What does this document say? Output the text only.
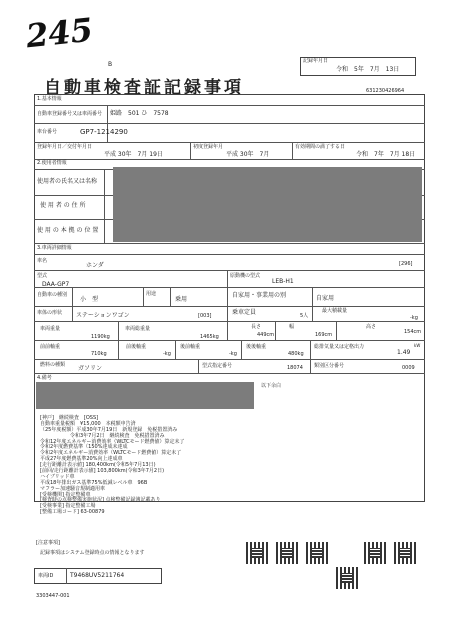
245
記録年月日
令和　5年　7月　13日
B
自動車検査証記録事項	631230426964
1.基本情報
自動車登録番号又は車両番号 姫路　501 ひ　7578
車台番号	GP7-1214290
登録年月日／交付年月日
平成 30年　7月 19日
初度登録年月
平成 30年　7月
有効期間の満了する日
令和　7年　7月 18日
2.使用者情報
使用者の氏名又は名称
使 用 者 の 住 所
使 用 の 本 拠 の 位 置
3.車両詳細情報
車名
ホンダ	[296]
型式
DAA-GP7
原動機の型式
LEB-H1
自動車の種別
小　型
用途
乗用
自家用・事業用の別	自家用
車体の形状 ステーションワゴン	[003]	乗車定員	5人
最大積載量
-kg
車両重量
1190kg
車両総重量
1465kg
長さ
449cm
幅
169cm
高さ
154cm
前前軸重
710kg
前後軸重
-kg
後前軸重
-kg
後後軸重
480kg
総排気量又は定格出力
1.49
kW
燃料の種類 ガソリン	型式指定番号	18074 類別区分番号	0009
4.備考
以下余白
[神戸]　継続検査　[OSS]
自動車重量税額　¥15,000　本税額申告済
（25年度税額）平成30年7月19日　新規登録　免税措置済み
　　　　　　令和3年7月2日　継続検査　免税措置済み
令和12年度エネルギー消費効率（WLTCモード燃費値）算定未了
令和2年度燃費基準（150%達成未達成
令和2年度エネルギー消費効率（WLTCモード燃費値）算定未了
平成27年度燃費基準20%向上達成車
[走行距離計表示値] 180,400km(令和5年7月13日)
[前回/走行距離計表示値] 103,800km(令和3年7月2日)
ハイブリッド車
平成18年排出ガス基準75%低減レベル車　96B
マフラー加速騒音規制適用車
[受検機関] 指定整備車
[検査時の点検整備実施状況] 点検整備記録簿記載あり
[受検事業] 指定整備工場
[整備工場コード] 63-00879
[注意事項]
記録事項はシステム登録時点の情報となります
車両ID	T9468UV5211764
3303447-001
